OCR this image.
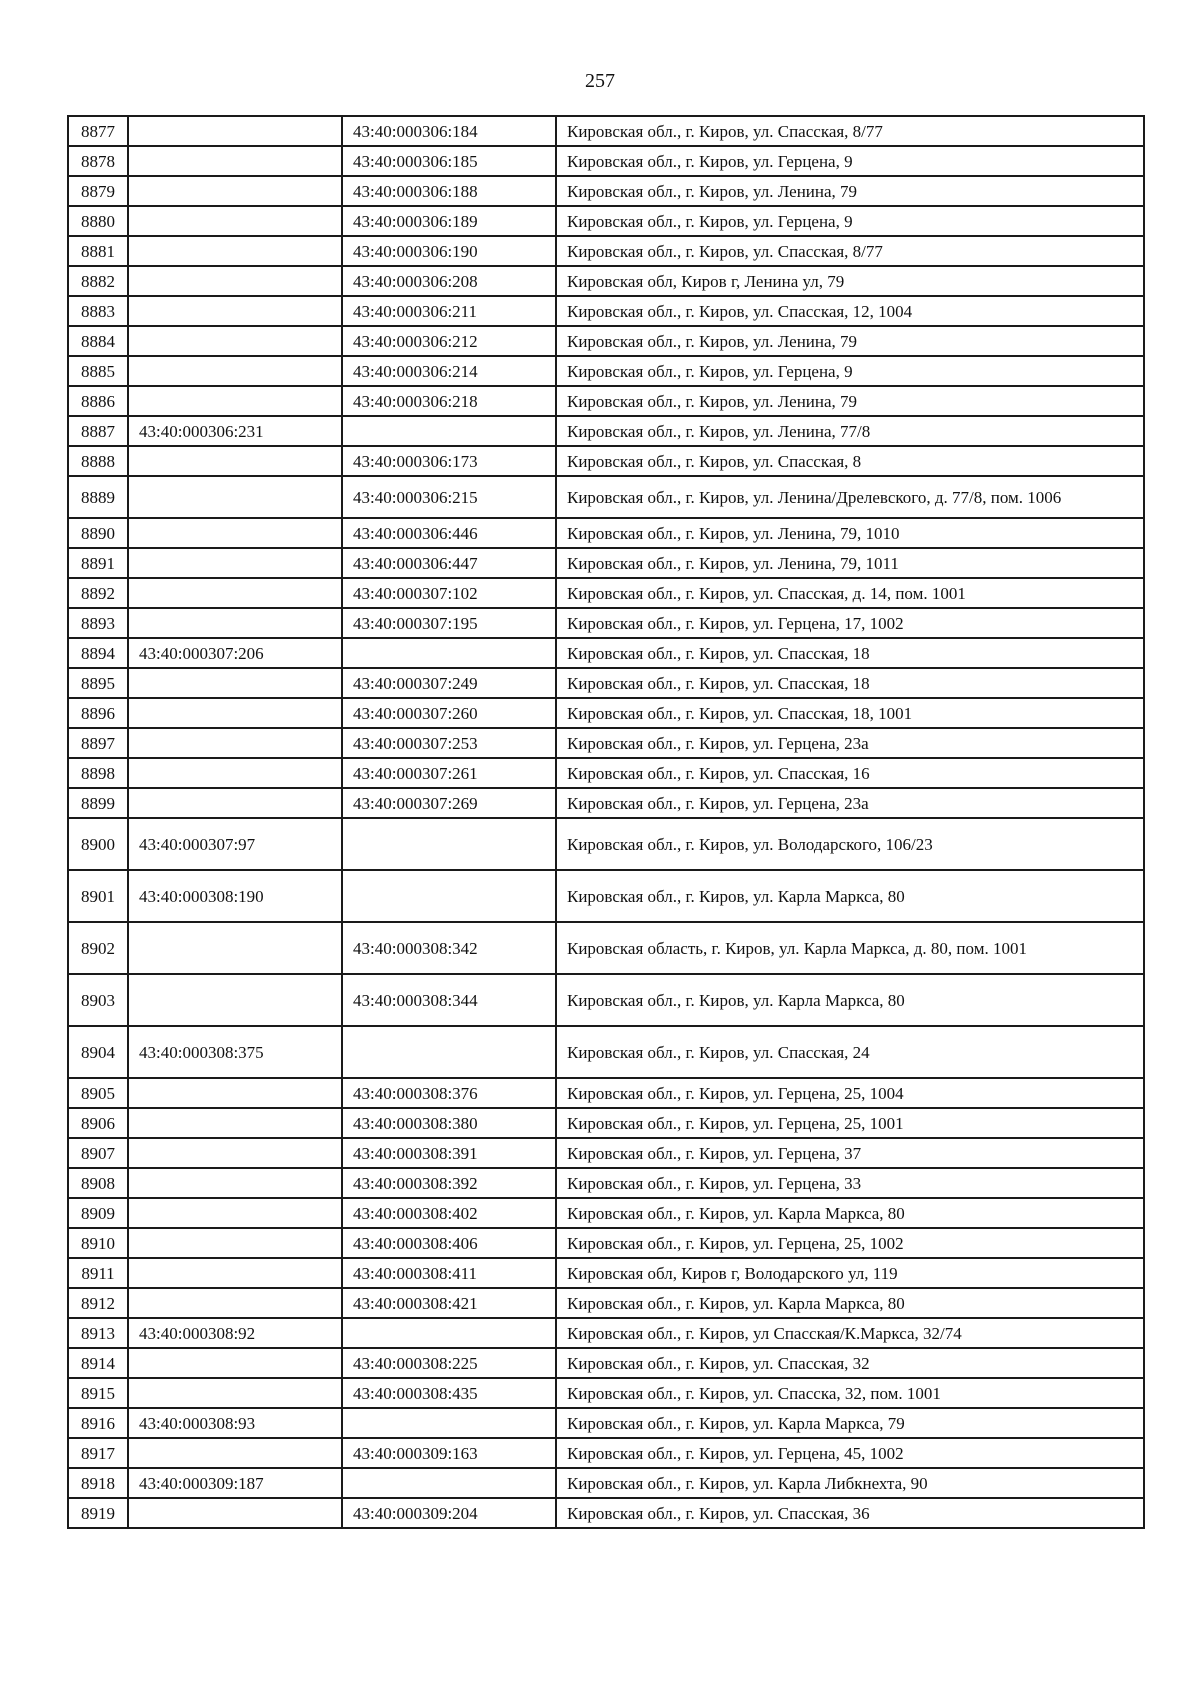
257
8877		43:40:000306:184	Кировская обл., г. Киров, ул. Спасская, 8/77
8878		43:40:000306:185	Кировская обл., г. Киров, ул. Герцена, 9
8879		43:40:000306:188	Кировская обл., г. Киров, ул. Ленина, 79
8880		43:40:000306:189	Кировская обл., г. Киров, ул. Герцена, 9
8881		43:40:000306:190	Кировская обл., г. Киров, ул. Спасская, 8/77
8882		43:40:000306:208	Кировская обл, Киров г, Ленина ул, 79
8883		43:40:000306:211	Кировская обл., г. Киров, ул. Спасская, 12, 1004
8884		43:40:000306:212	Кировская обл., г. Киров, ул. Ленина, 79
8885		43:40:000306:214	Кировская обл., г. Киров, ул. Герцена, 9
8886		43:40:000306:218	Кировская обл., г. Киров, ул. Ленина, 79
8887	43:40:000306:231		Кировская обл., г. Киров, ул. Ленина, 77/8
8888		43:40:000306:173	Кировская обл., г. Киров, ул. Спасская, 8
8889		43:40:000306:215	Кировская обл., г. Киров, ул. Ленина/Дрелевского, д. 77/8, пом. 1006
8890		43:40:000306:446	Кировская обл., г. Киров, ул. Ленина, 79, 1010
8891		43:40:000306:447	Кировская обл., г. Киров, ул. Ленина, 79, 1011
8892		43:40:000307:102	Кировская обл., г. Киров, ул. Спасская, д. 14, пом. 1001
8893		43:40:000307:195	Кировская обл., г. Киров, ул. Герцена, 17, 1002
8894	43:40:000307:206		Кировская обл., г. Киров, ул. Спасская, 18
8895		43:40:000307:249	Кировская обл., г. Киров, ул. Спасская, 18
8896		43:40:000307:260	Кировская обл., г. Киров, ул. Спасская, 18, 1001
8897		43:40:000307:253	Кировская обл., г. Киров, ул. Герцена, 23а
8898		43:40:000307:261	Кировская обл., г. Киров, ул. Спасская, 16
8899		43:40:000307:269	Кировская обл., г. Киров, ул. Герцена, 23а
8900	43:40:000307:97		Кировская обл., г. Киров, ул. Володарского, 106/23
8901	43:40:000308:190		Кировская обл., г. Киров, ул. Карла Маркса, 80
8902		43:40:000308:342	Кировская область, г. Киров, ул. Карла Маркса, д. 80, пом. 1001
8903		43:40:000308:344	Кировская обл., г. Киров, ул. Карла Маркса, 80
8904	43:40:000308:375		Кировская обл., г. Киров, ул. Спасская, 24
8905		43:40:000308:376	Кировская обл., г. Киров, ул. Герцена, 25, 1004
8906		43:40:000308:380	Кировская обл., г. Киров, ул. Герцена, 25, 1001
8907		43:40:000308:391	Кировская обл., г. Киров, ул. Герцена, 37
8908		43:40:000308:392	Кировская обл., г. Киров, ул. Герцена, 33
8909		43:40:000308:402	Кировская обл., г. Киров, ул. Карла Маркса, 80
8910		43:40:000308:406	Кировская обл., г. Киров, ул. Герцена, 25, 1002
8911		43:40:000308:411	Кировская обл, Киров г, Володарского ул, 119
8912		43:40:000308:421	Кировская обл., г. Киров, ул. Карла Маркса, 80
8913	43:40:000308:92		Кировская обл., г. Киров, ул Спасская/К.Маркса, 32/74
8914		43:40:000308:225	Кировская обл., г. Киров, ул. Спасская, 32
8915		43:40:000308:435	Кировская обл., г. Киров, ул. Спасска, 32, пом. 1001
8916	43:40:000308:93		Кировская обл., г. Киров, ул. Карла Маркса, 79
8917		43:40:000309:163	Кировская обл., г. Киров, ул. Герцена, 45, 1002
8918	43:40:000309:187		Кировская обл., г. Киров, ул. Карла Либкнехта, 90
8919		43:40:000309:204	Кировская обл., г. Киров, ул. Спасская, 36
